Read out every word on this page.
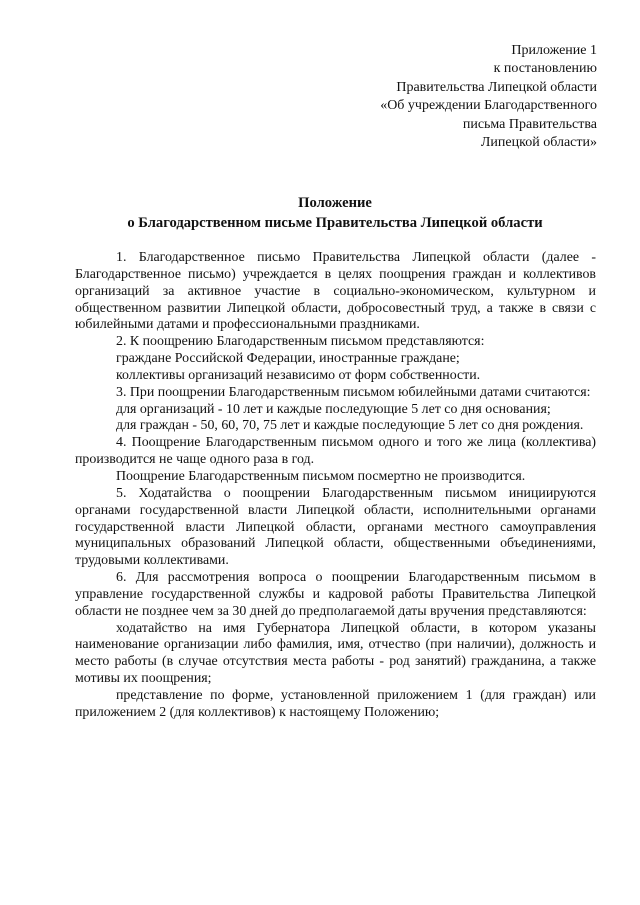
Приложение 1
к постановлению
Правительства Липецкой области
«Об учреждении Благодарственного
письма Правительства
Липецкой области»
Положение
о Благодарственном письме Правительства Липецкой области

1. Благодарственное письмо Правительства Липецкой области (далее - Благодарственное письмо) учреждается в целях поощрения граждан и коллективов организаций за активное участие в социально-экономическом, культурном и общественном развитии Липецкой области, добросовестный труд, а также в связи с юбилейными датами и профессиональными праздниками.

2. К поощрению Благодарственным письмом представляются:

граждане Российской Федерации, иностранные граждане;

коллективы организаций независимо от форм собственности.

3. При поощрении Благодарственным письмом юбилейными датами считаются:

для организаций - 10 лет и каждые последующие 5 лет со дня основания;

для граждан - 50, 60, 70, 75 лет и каждые последующие 5 лет со дня рождения.

4. Поощрение Благодарственным письмом одного и того же лица (коллектива) производится не чаще одного раза в год.

Поощрение Благодарственным письмом посмертно не производится.

5. Ходатайства о поощрении Благодарственным письмом инициируются органами государственной власти Липецкой области, исполнительными органами государственной власти Липецкой области, органами местного самоуправления муниципальных образований Липецкой области, общественными объединениями, трудовыми коллективами.

6. Для рассмотрения вопроса о поощрении Благодарственным письмом в управление государственной службы и кадровой работы Правительства Липецкой области не позднее чем за 30 дней до предполагаемой даты вручения представляются:

ходатайство на имя Губернатора Липецкой области, в котором указаны наименование организации либо фамилия, имя, отчество (при наличии), должность и место работы (в случае отсутствия места работы - род занятий) гражданина, а также мотивы их поощрения;

представление по форме, установленной приложением 1 (для граждан) или приложением 2 (для коллективов) к настоящему Положению;
